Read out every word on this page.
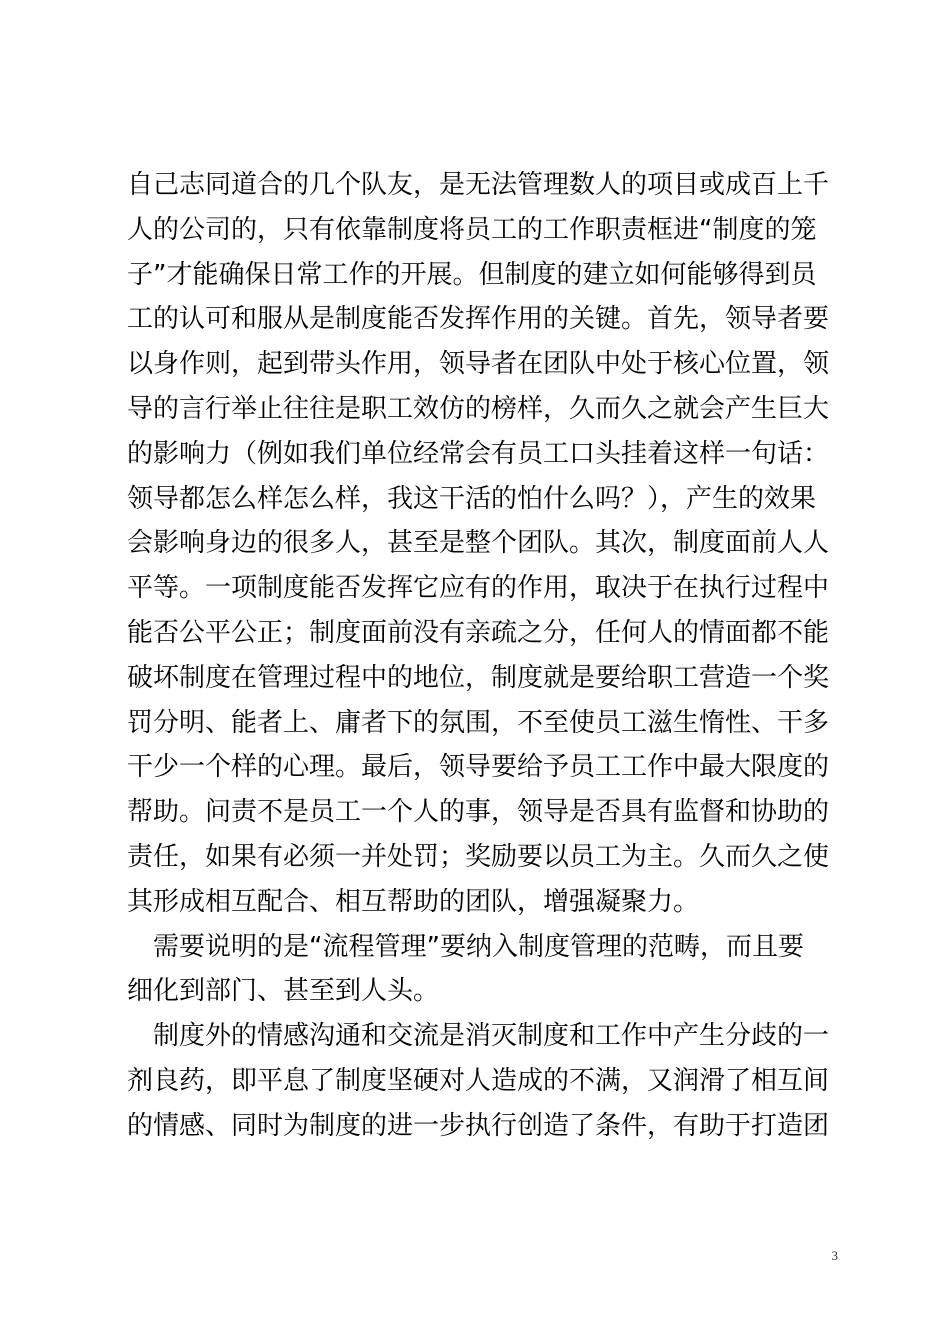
自己志同道合的几个队友，是无法管理数人的项目或成百上千
人的公司的，只有依靠制度将员工的工作职责框进“制度的笼
子”才能确保日常工作的开展。但制度的建立如何能够得到员
工的认可和服从是制度能否发挥作用的关键。首先，领导者要
以身作则，起到带头作用，领导者在团队中处于核心位置，领
导的言行举止往往是职工效仿的榜样，久而久之就会产生巨大
的影响力（例如我们单位经常会有员工口头挂着这样一句话：
领导都怎么样怎么样，我这干活的怕什么吗？），产生的效果
会影响身边的很多人，甚至是整个团队。其次，制度面前人人
平等。一项制度能否发挥它应有的作用，取决于在执行过程中
能否公平公正；制度面前没有亲疏之分，任何人的情面都不能
破坏制度在管理过程中的地位，制度就是要给职工营造一个奖
罚分明、能者上、庸者下的氛围，不至使员工滋生惰性、干多
干少一个样的心理。最后，领导要给予员工工作中最大限度的
帮助。问责不是员工一个人的事，领导是否具有监督和协助的
责任，如果有必须一并处罚；奖励要以员工为主。久而久之使
其形成相互配合、相互帮助的团队，增强凝聚力。
　需要说明的是“流程管理”要纳入制度管理的范畴，而且要
细化到部门、甚至到人头。
　制度外的情感沟通和交流是消灭制度和工作中产生分歧的一
剂良药，即平息了制度坚硬对人造成的不满，又润滑了相互间
的情感、同时为制度的进一步执行创造了条件，有助于打造团
3
